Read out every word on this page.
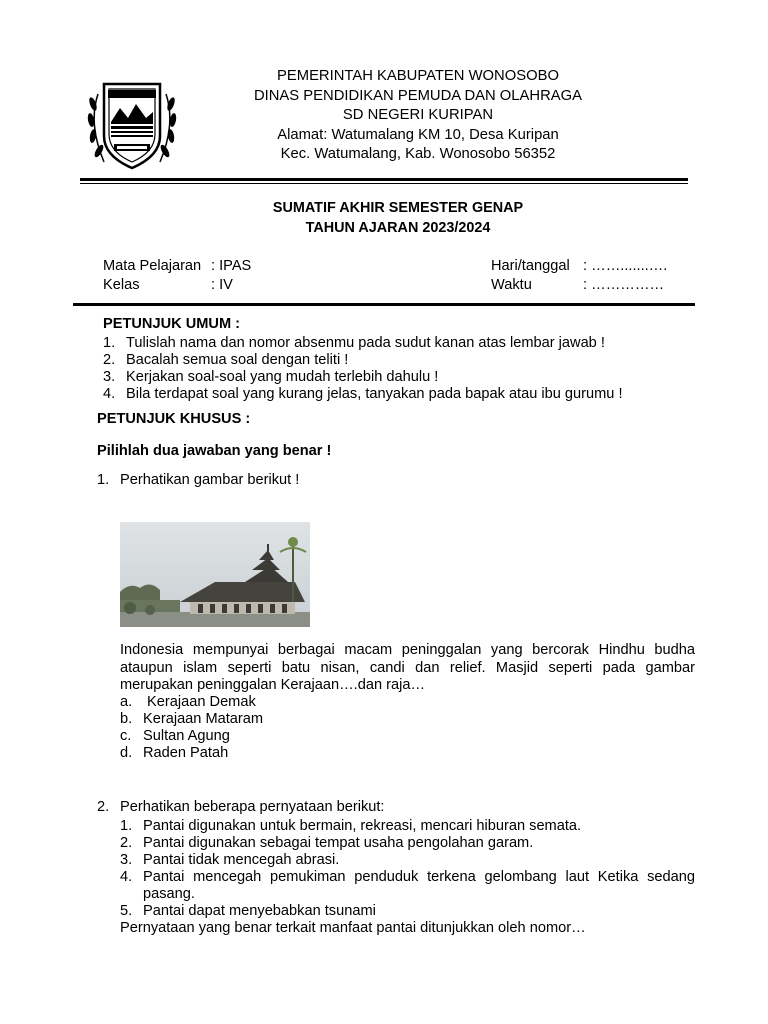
PEMERINTAH KABUPATEN WONOSOBO
DINAS PENDIDIKAN PEMUDA DAN OLAHRAGA
SD NEGERI KURIPAN
Alamat: Watumalang KM 10, Desa Kuripan
Kec. Watumalang, Kab. Wonosobo 56352
SUMATIF AKHIR SEMESTER GENAP
TAHUN AJARAN 2023/2024
Mata Pelajaran : IPAS
Kelas	: IV
Hari/tanggal : …….......….
Waktu	: ……………
PETUNJUK UMUM :
1. Tulislah nama dan nomor absenmu pada sudut kanan atas lembar jawab !
2. Bacalah semua soal dengan teliti !
3. Kerjakan soal-soal yang mudah terlebih dahulu !
4. Bila terdapat soal yang kurang jelas, tanyakan pada bapak atau ibu gurumu !
PETUNJUK KHUSUS :
Pilihlah dua jawaban yang benar !
1. Perhatikan gambar berikut !
Indonesia mempunyai berbagai macam peninggalan yang bercorak Hindhu budha ataupun islam seperti batu nisan, candi dan relief. Masjid seperti pada gambar merupakan peninggalan Kerajaan….dan raja…
a. Kerajaan Demak
b. Kerajaan Mataram
c. Sultan Agung
d. Raden Patah
2. Perhatikan beberapa pernyataan berikut:
1. Pantai digunakan untuk bermain, rekreasi, mencari hiburan semata.
2. Pantai digunakan sebagai tempat usaha pengolahan garam.
3. Pantai tidak mencegah abrasi.
4. Pantai mencegah pemukiman penduduk terkena gelombang laut Ketika sedang pasang.
5. Pantai dapat menyebabkan tsunami
Pernyataan yang benar terkait manfaat pantai ditunjukkan oleh nomor…
